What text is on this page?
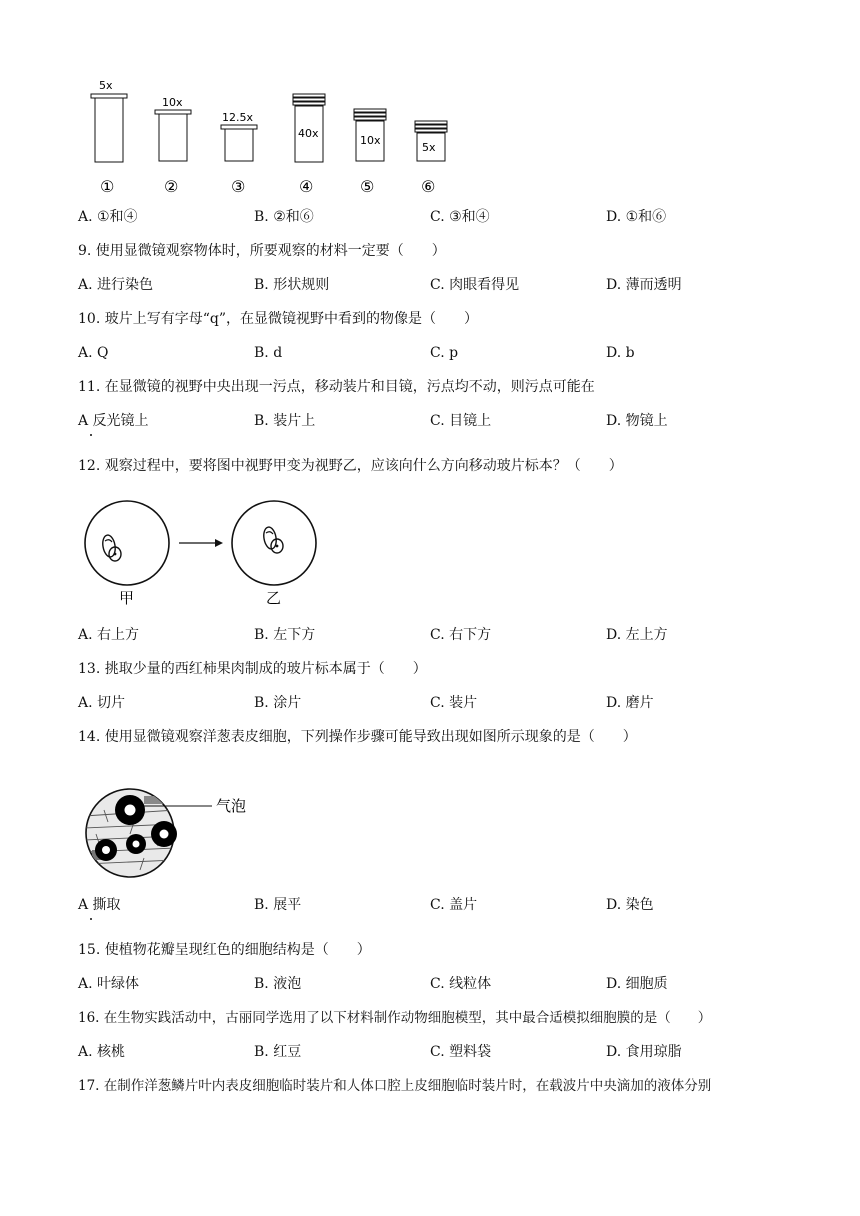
5x
10x
12.5x
40x
10x
5x
①	②	③	④	⑤	⑥
A. ①和④	B. ②和⑥	C. ③和④	D. ①和⑥
9. 使用显微镜观察物体时，所要观察的材料一定要（　　）
A. 进行染色	B. 形状规则	C. 肉眼看得见	D. 薄而透明
10. 玻片上写有字母“q”，在显微镜视野中看到的物像是（　　）
A. Q	B. d	C. p	D. b
11. 在显微镜的视野中央出现一污点，移动装片和目镜，污点均不动，则污点可能在
A 反光镜上	B. 装片上	C. 目镜上	D. 物镜上
12. 观察过程中，要将图中视野甲变为视野乙，应该向什么方向移动玻片标本？（　　）
甲	乙
A. 右上方	B. 左下方	C. 右下方	D. 左上方
13. 挑取少量的西红柿果肉制成的玻片标本属于（　　）
A. 切片	B. 涂片	C. 装片	D. 磨片
14. 使用显微镜观察洋葱表皮细胞，下列操作步骤可能导致出现如图所示现象的是（　　）
气泡
A 撕取	B. 展平	C. 盖片	D. 染色
15. 使植物花瓣呈现红色的细胞结构是（　　）
A. 叶绿体	B. 液泡	C. 线粒体	D. 细胞质
16. 在生物实践活动中，古丽同学选用了以下材料制作动物细胞模型，其中最合适模拟细胞膜的是（　　）
A. 核桃	B. 红豆	C. 塑料袋	D. 食用琼脂
17. 在制作洋葱鳞片叶内表皮细胞临时装片和人体口腔上皮细胞临时装片时，在载波片中央滴加的液体分别
